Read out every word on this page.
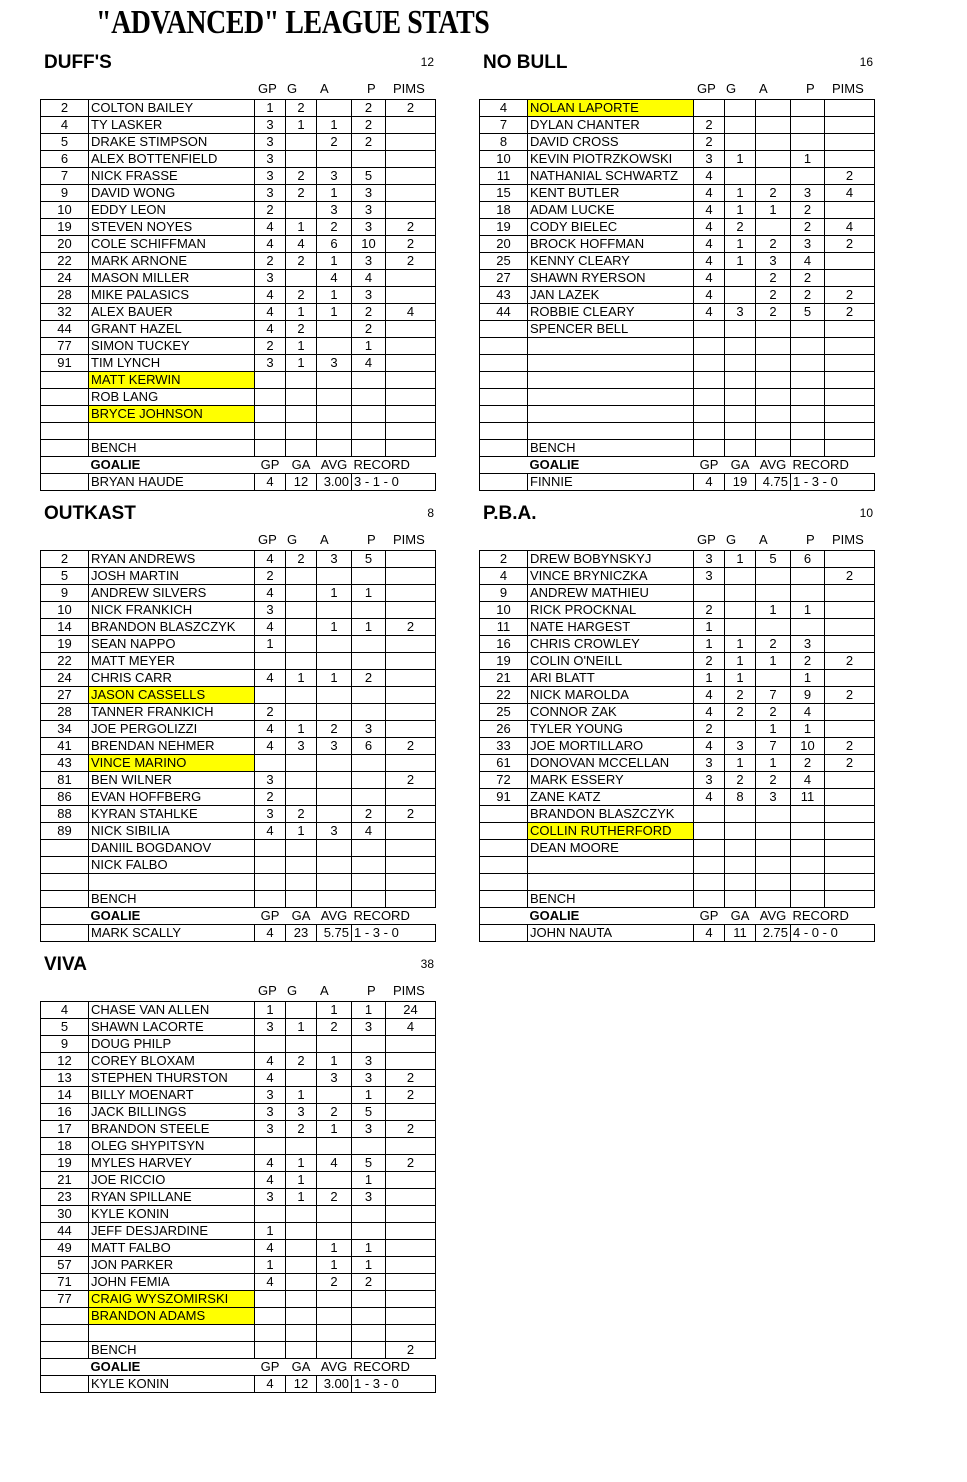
"ADVANCED" LEAGUE STATS
DUFF'S	12
GP G A	P PIMS
2	COLTON BAILEY	1	2		2	2
4	TY LASKER	3	1	1	2	
5	DRAKE STIMPSON	3		2	2	
6	ALEX BOTTENFIELD	3				
7	NICK FRASSE	3	2	3	5	
9	DAVID WONG	3	2	1	3	
10	EDDY LEON	2		3	3	
19	STEVEN NOYES	4	1	2	3	2
20	COLE SCHIFFMAN	4	4	6	10	2
22	MARK ARNONE	2	2	1	3	2
24	MASON MILLER	3		4	4	
28	MIKE PALASICS	4	2	1	3	
32	ALEX BAUER	4	1	1	2	4
44	GRANT HAZEL	4	2		2	
77	SIMON TUCKEY	2	1		1	
91	TIM LYNCH	3	1	3	4	
	MATT KERWIN					
	ROB LANG					
	BRYCE JOHNSON					

	BENCH					
	GOALIE	GP	GA	AVG	RECORD	
	BRYAN HAUDE	4	12	3.00	3 - 1 - 0	
NO BULL	16
GP G A	P PIMS
4	NOLAN LAPORTE					
7	DYLAN CHANTER	2				
8	DAVID CROSS	2				
10	KEVIN PIOTRZKOWSKI	3	1		1	
11	NATHANIAL SCHWARTZ	4				2
15	KENT BUTLER	4	1	2	3	4
18	ADAM LUCKE	4	1	1	2	
19	CODY BIELEC	4	2		2	4
20	BROCK HOFFMAN	4	1	2	3	2
25	KENNY CLEARY	4	1	3	4	
27	SHAWN RYERSON	4		2	2	
43	JAN LAZEK	4		2	2	2
44	ROBBIE CLEARY	4	3	2	5	2
	SPENCER BELL					

	BENCH					
	GOALIE	GP	GA	AVG	RECORD	
	FINNIE	4	19	4.75	1 - 3 - 0	
OUTKAST	8
GP G A	P PIMS
2	RYAN ANDREWS	4	2	3	5	
5	JOSH MARTIN	2				
9	ANDREW SILVERS	4		1	1	
10	NICK FRANKICH	3				
14	BRANDON BLASZCZYK	4		1	1	2
19	SEAN NAPPO	1				
22	MATT MEYER					
24	CHRIS CARR	4	1	1	2	
27	JASON CASSELLS					
28	TANNER FRANKICH	2				
34	JOE PERGOLIZZI	4	1	2	3	
41	BRENDAN NEHMER	4	3	3	6	2
43	VINCE MARINO					
81	BEN WILNER	3				2
86	EVAN HOFFBERG	2				
88	KYRAN STAHLKE	3	2		2	2
89	NICK SIBILIA	4	1	3	4	
	DANIIL BOGDANOV					
	NICK FALBO					

	BENCH					
	GOALIE	GP	GA	AVG	RECORD	
	MARK SCALLY	4	23	5.75	1 - 3 - 0	
P.B.A.	10
GP G A	P PIMS
2	DREW BOBYNSKYJ	3	1	5	6	
4	VINCE BRYNICZKA	3				2
9	ANDREW MATHIEU					
10	RICK PROCKNAL	2		1	1	
11	NATE HARGEST	1				
16	CHRIS CROWLEY	1	1	2	3	
19	COLIN O'NEILL	2	1	1	2	2
21	ARI BLATT	1	1		1	
22	NICK MAROLDA	4	2	7	9	2
25	CONNOR ZAK	4	2	2	4	
26	TYLER YOUNG	2		1	1	
33	JOE MORTILLARO	4	3	7	10	2
61	DONOVAN MCCELLAN	3	1	1	2	2
72	MARK ESSERY	3	2	2	4	
91	ZANE KATZ	4	8	3	11	
	BRANDON BLASZCZYK					
	COLLIN RUTHERFORD					
	DEAN MOORE					

	BENCH					
	GOALIE	GP	GA	AVG	RECORD	
	JOHN NAUTA	4	11	2.75	4 - 0 - 0	
VIVA	38
GP G A	P PIMS
4	CHASE VAN ALLEN	1		1	1	24
5	SHAWN LACORTE	3	1	2	3	4
9	DOUG PHILP					
12	COREY BLOXAM	4	2	1	3	
13	STEPHEN THURSTON	4		3	3	2
14	BILLY MOENART	3	1		1	2
16	JACK BILLINGS	3	3	2	5	
17	BRANDON STEELE	3	2	1	3	2
18	OLEG SHYPITSYN					
19	MYLES HARVEY	4	1	4	5	2
21	JOE RICCIO	4	1		1	
23	RYAN SPILLANE	3	1	2	3	
30	KYLE KONIN					
44	JEFF DESJARDINE	1				
49	MATT FALBO	4		1	1	
57	JON PARKER	1		1	1	
71	JOHN FEMIA	4		2	2	
77	CRAIG WYSZOMIRSKI					
	BRANDON ADAMS					

	BENCH					2
	GOALIE	GP	GA	AVG	RECORD	
	KYLE KONIN	4	12	3.00	1 - 3 - 0	
